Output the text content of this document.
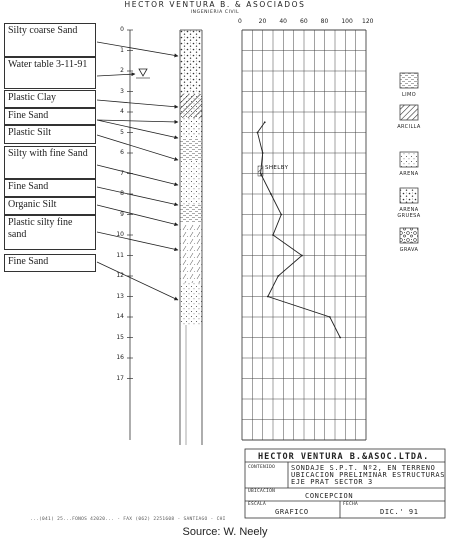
HECTOR VENTURA B. & ASOCIADOS
INGENIERIA CIVIL
Silty coarse Sand
Water table 3-11-91
Plastic Clay
Fine Sand
Plastic Silt
Silty with fine Sand
Fine Sand
Organic Silt
Plastic silty fine sand
Fine Sand
0
1
2
3
4
5
6
7
8
9
10
11
12
13
14
15
16
17
0	20 40 60 80 100 120
SHELBY
LIMO
ARCILLA
ARENA
ARENA GRUESA
GRAVA
HECTOR VENTURA B.&ASOC.LTDA.
CONTENIDO SONDAJE S.P.T. Nº2, EN TERRENO
UBICACION PRELIMINAR ESTRUCTURAS
EJE PRAT SECTOR 3
UBICACION
CONCEPCION
ESCALA
GRAFICO
FECHA
DIC.' 91
...(041) 25...FONOS 42020... - FAX (062) 2251608 - SANTIAGO - CHI
Source: W. Neely
